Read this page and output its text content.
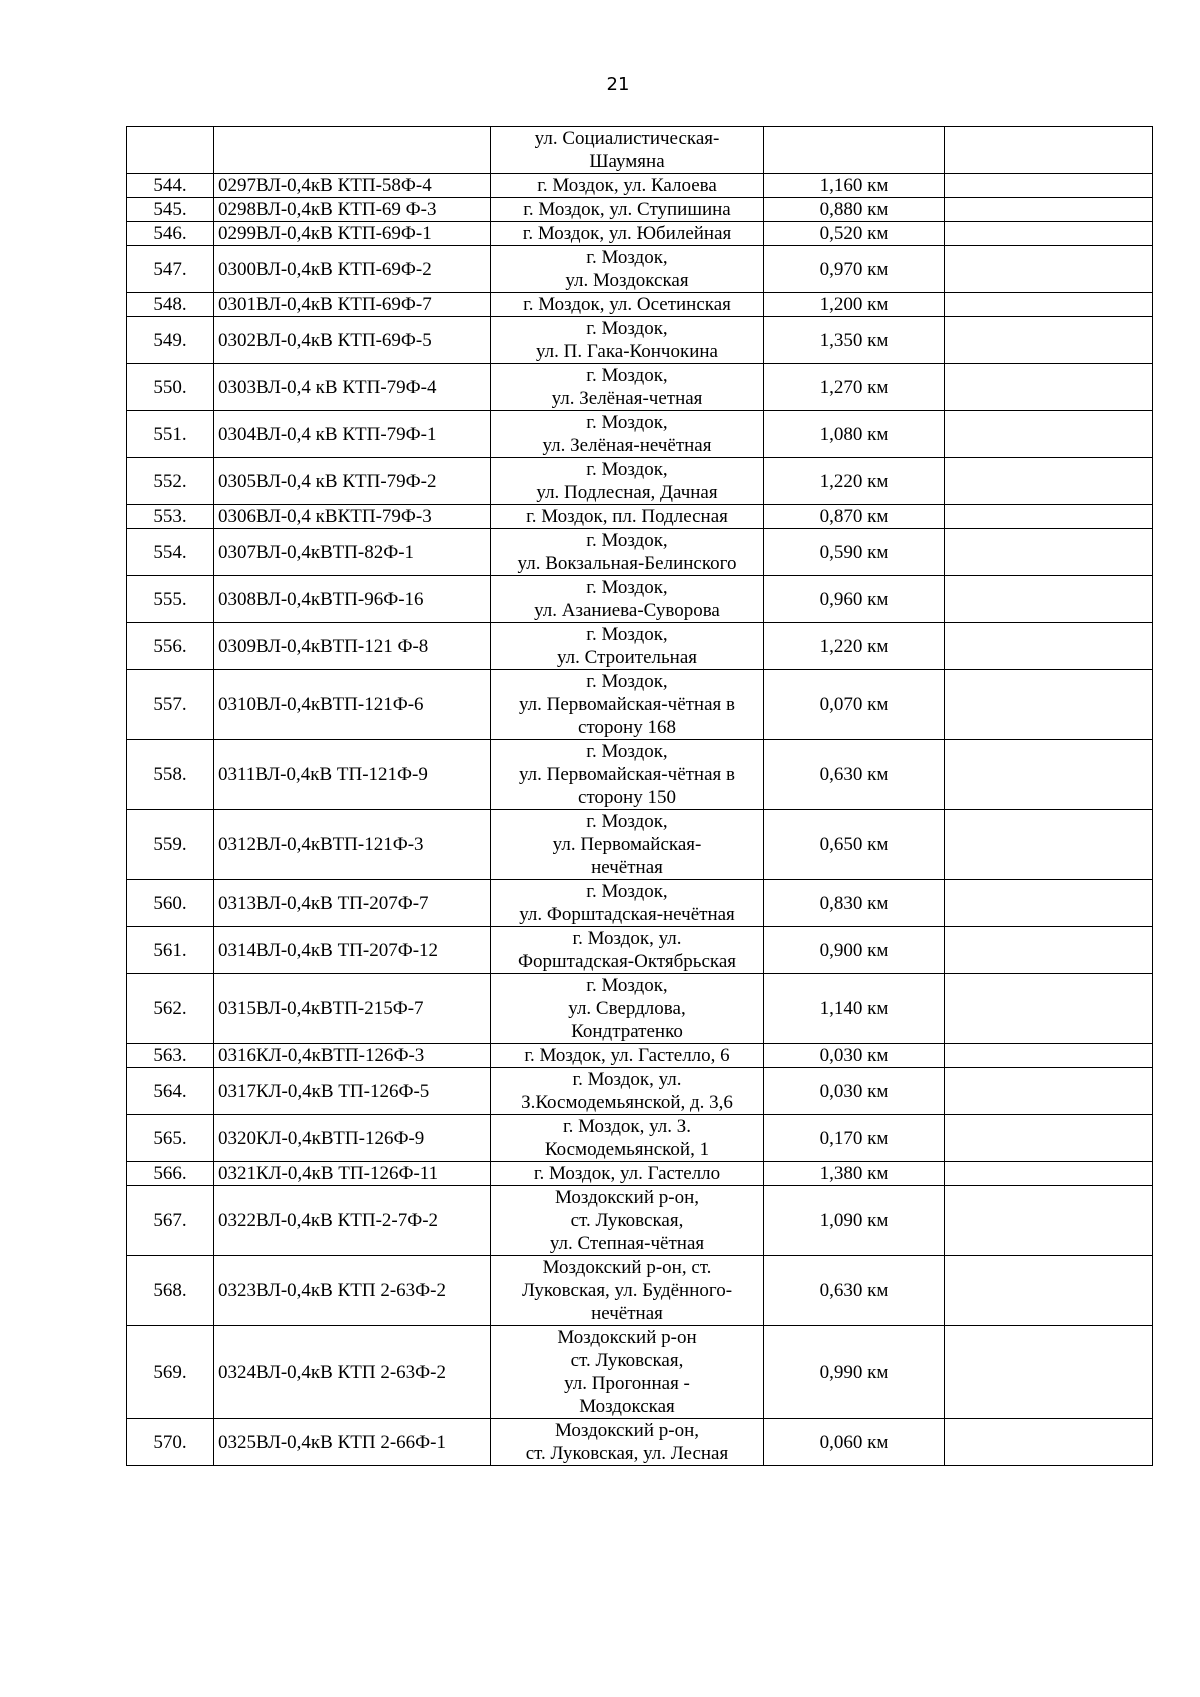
21

		ул. Социалистическая-
Шаумяна		

544.	0297ВЛ-0,4кВ КТП-58Ф-4	г. Моздок, ул. Калоева	1,160 км	
545.	0298ВЛ-0,4кВ КТП-69 Ф-3	г. Моздок, ул. Ступишина	0,880 км	
546.	0299ВЛ-0,4кВ КТП-69Ф-1	г. Моздок, ул. Юбилейная	0,520 км	
547.	0300ВЛ-0,4кВ КТП-69Ф-2	г. Моздок,
ул. Моздокская	0,970 км	
548.	0301ВЛ-0,4кВ КТП-69Ф-7	г. Моздок, ул. Осетинская	1,200 км	
549.	0302ВЛ-0,4кВ КТП-69Ф-5	г. Моздок,
ул. П. Гака-Кончокина	1,350 км	
550.	0303ВЛ-0,4 кВ КТП-79Ф-4	г. Моздок,
ул. Зелёная-четная	1,270 км	
551.	0304ВЛ-0,4 кВ КТП-79Ф-1	г. Моздок,
ул. Зелёная-нечётная	1,080 км	
552.	0305ВЛ-0,4 кВ КТП-79Ф-2	г. Моздок,
ул. Подлесная, Дачная	1,220 км	
553.	0306ВЛ-0,4 кВКТП-79Ф-3	г. Моздок, пл. Подлесная	0,870 км	
554.	0307ВЛ-0,4кВТП-82Ф-1	г. Моздок,
ул. Вокзальная-Белинского	0,590 км	
555.	0308ВЛ-0,4кВТП-96Ф-16	г. Моздок,
ул. Азаниева-Суворова	0,960 км	
556.	0309ВЛ-0,4кВТП-121 Ф-8	г. Моздок,
ул. Строительная	1,220 км	
557.	0310ВЛ-0,4кВТП-121Ф-6	г. Моздок,
ул. Первомайская-чётная в
сторону 168	0,070 км	
558.	0311ВЛ-0,4кВ ТП-121Ф-9	г. Моздок,
ул. Первомайская-чётная в
сторону 150	0,630 км	
559.	0312ВЛ-0,4кВТП-121Ф-3	г. Моздок,
ул. Первомайская-
нечётная	0,650 км	
560.	0313ВЛ-0,4кВ ТП-207Ф-7	г. Моздок,
ул. Форштадская-нечётная	0,830 км	
561.	0314ВЛ-0,4кВ ТП-207Ф-12	г. Моздок, ул.
Форштадская-Октябрьская	0,900 км	
562.	0315ВЛ-0,4кВТП-215Ф-7	г. Моздок,
ул. Свердлова,
Кондтратенко	1,140 км	
563.	0316КЛ-0,4кВТП-126Ф-3	г. Моздок, ул. Гастелло, 6	0,030 км	
564.	0317КЛ-0,4кВ ТП-126Ф-5	г. Моздок, ул.
З.Космодемьянской, д. 3,6	0,030 км	
565.	0320КЛ-0,4кВТП-126Ф-9	г. Моздок, ул. З.
Космодемьянской, 1	0,170 км	
566.	0321КЛ-0,4кВ ТП-126Ф-11	г. Моздок, ул. Гастелло	1,380 км	
567.	0322ВЛ-0,4кВ КТП-2-7Ф-2	Моздокский р-он,
ст. Луковская,
ул. Степная-чётная	1,090 км	
568.	0323ВЛ-0,4кВ КТП 2-63Ф-2	Моздокский р-он, ст.
Луковская, ул. Будённого-
нечётная	0,630 км	
569.	0324ВЛ-0,4кВ КТП 2-63Ф-2	Моздокский р-он
ст. Луковская,
ул. Прогонная -
Моздокская	0,990 км	
570.	0325ВЛ-0,4кВ КТП 2-66Ф-1	Моздокский р-он,
ст. Луковская, ул. Лесная	0,060 км	
